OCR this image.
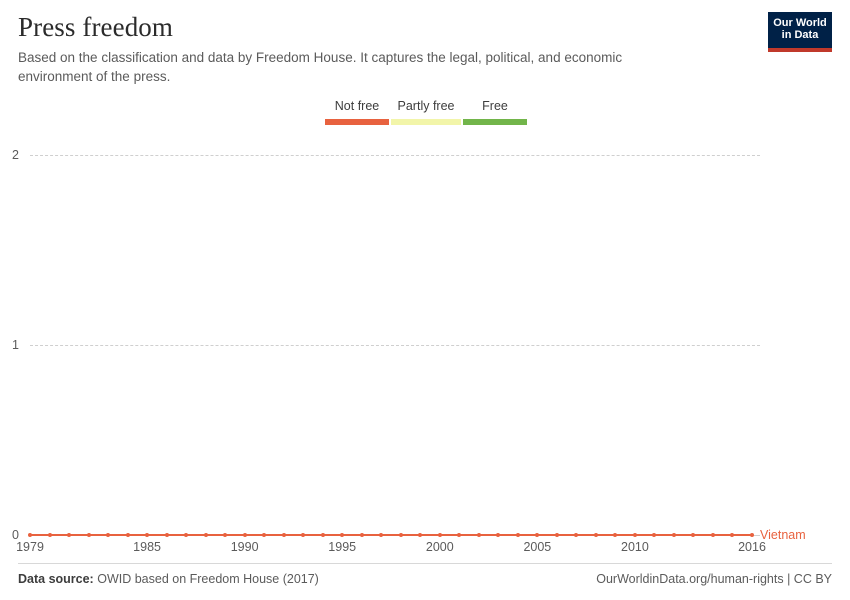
Press freedom

Based on the classification and data by Freedom House. It captures the legal, political, and economic environment of the press.

Our World
in Data
Not free Partly free Free
0
1
2
1979	1985	1990	1995	2000	2005	2010	2016
Vietnam
Data source: OWID based on Freedom House (2017)	OurWorldinData.org/human-rights | CC BY
